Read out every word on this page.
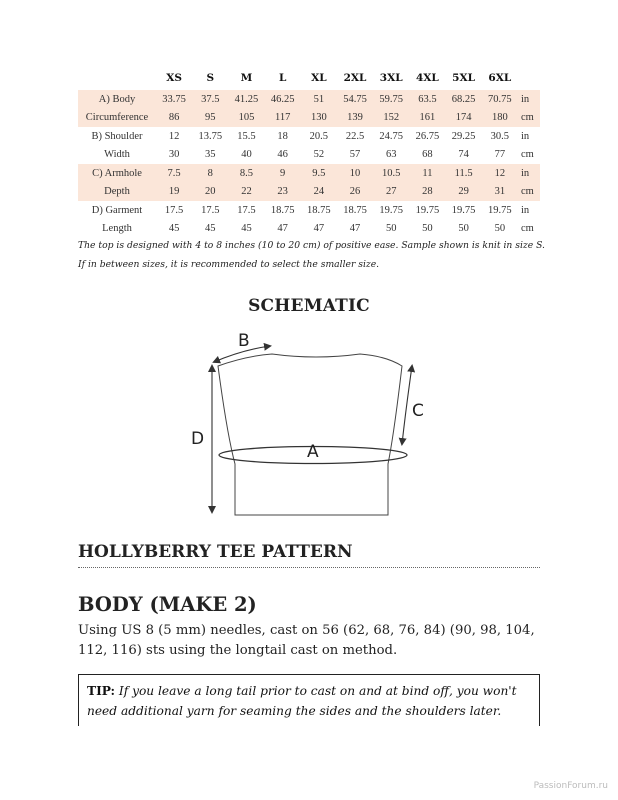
	XS	S	M	L	XL	2XL	3XL	4XL	5XL	6XL	
A) Body	33.75	37.5	41.25	46.25	51	54.75	59.75	63.5	68.25	70.75	in
Circumference	86	95	105	117	130	139	152	161	174	180	cm
B) Shoulder	12	13.75	15.5	18	20.5	22.5	24.75	26.75	29.25	30.5	in
Width	30	35	40	46	52	57	63	68	74	77	cm
C) Armhole	7.5	8	8.5	9	9.5	10	10.5	11	11.5	12	in
Depth	19	20	22	23	24	26	27	28	29	31	cm
D) Garment	17.5	17.5	17.5	18.75	18.75	18.75	19.75	19.75	19.75	19.75	in
Length	45	45	45	47	47	47	50	50	50	50	cm

The top is designed with 4 to 8 inches (10 to 20 cm) of positive ease. Sample shown is knit in size S. If in between sizes, it is recommended to select the smaller size.

SCHEMATIC
B
C
D
A
HOLLYBERRY TEE PATTERN
BODY (MAKE 2)

Using US 8 (5 mm) needles, cast on 56 (62, 68, 76, 84) (90, 98, 104, 112, 116) sts using the longtail cast on method.

TIP: If you leave a long tail prior to cast on and at bind off, you won't need additional yarn for seaming the sides and the shoulders later.
PassionForum.ru
